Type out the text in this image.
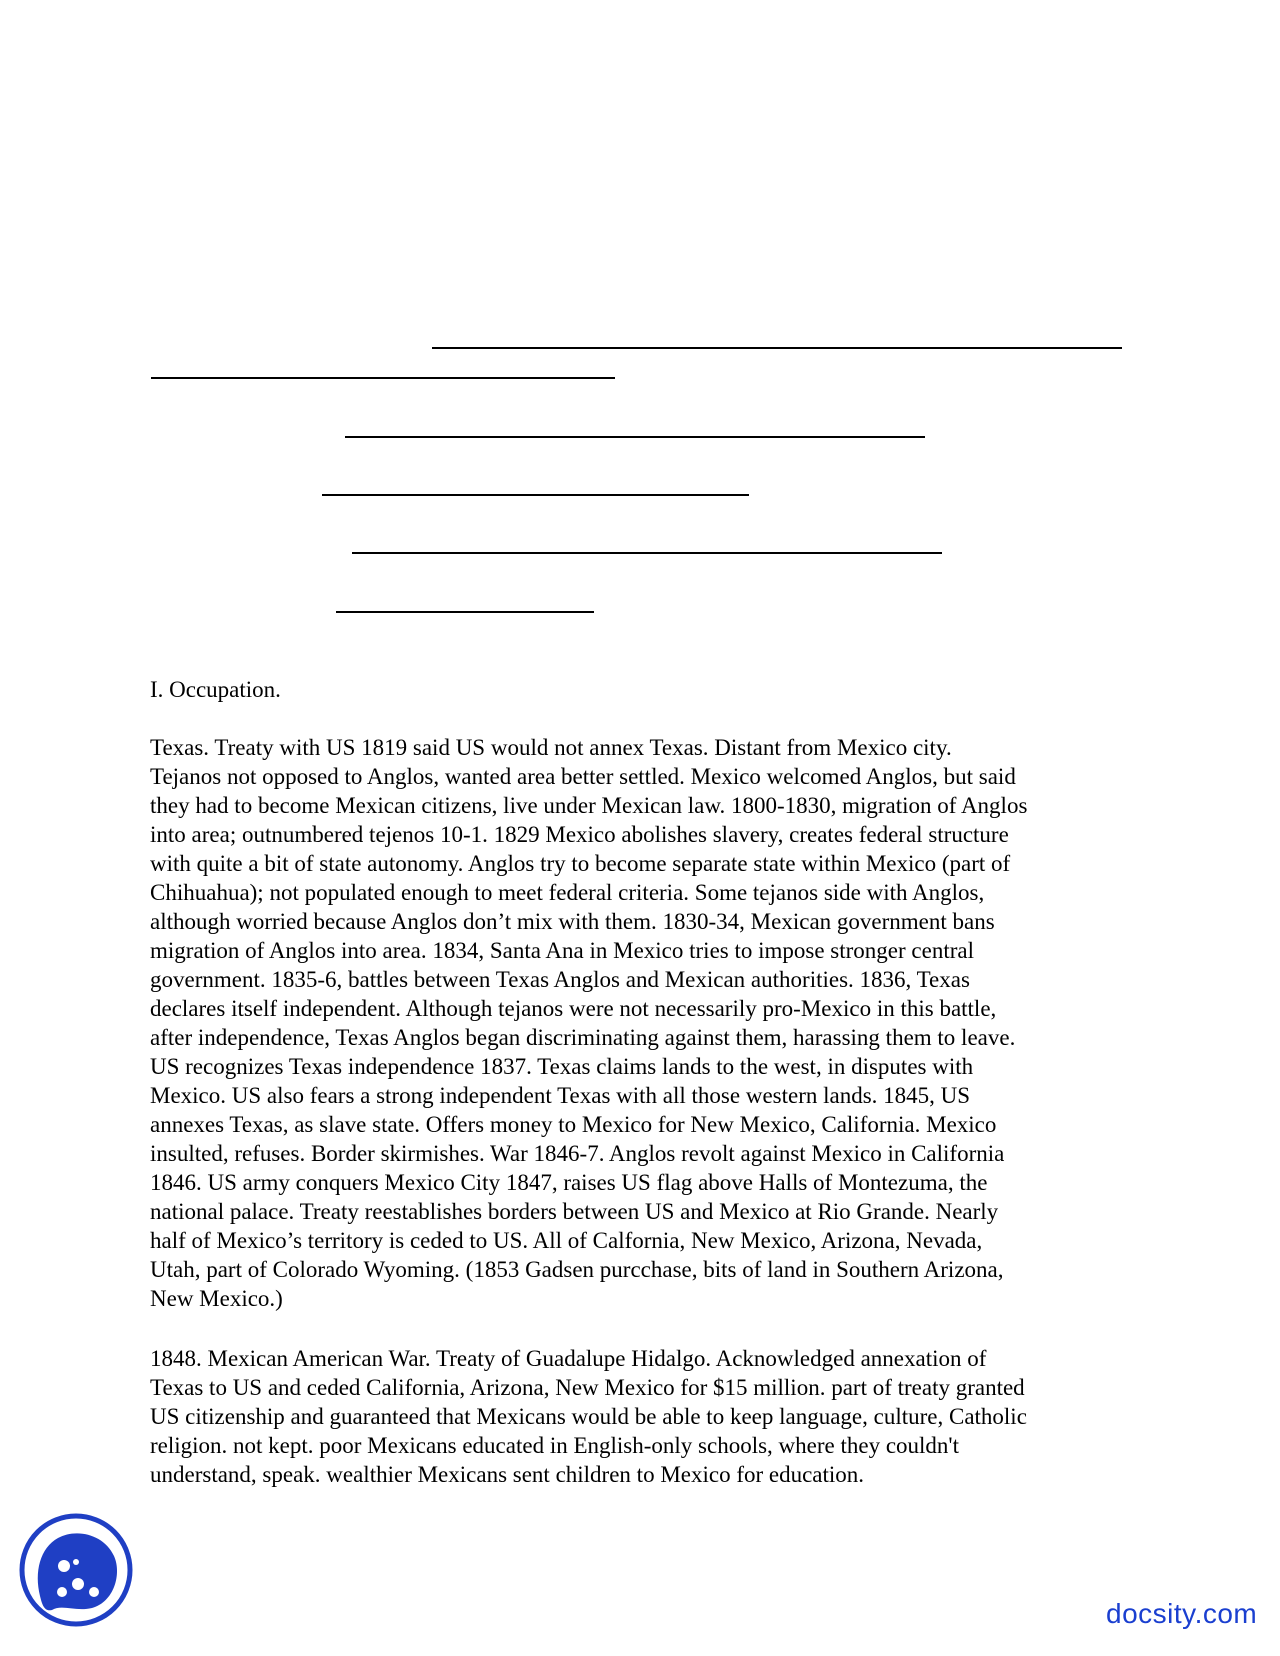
I. Occupation.
Texas. Treaty with US 1819 said US would not annex Texas. Distant from Mexico city.
Tejanos not opposed to Anglos, wanted area better settled. Mexico welcomed Anglos, but said
they had to become Mexican citizens, live under Mexican law. 1800-1830, migration of Anglos
into area; outnumbered tejenos 10-1. 1829 Mexico abolishes slavery, creates federal structure
with quite a bit of state autonomy. Anglos try to become separate state within Mexico (part of
Chihuahua); not populated enough to meet federal criteria. Some tejanos side with Anglos,
although worried because Anglos don’t mix with them. 1830-34, Mexican government bans
migration of Anglos into area. 1834, Santa Ana in Mexico tries to impose stronger central
government. 1835-6, battles between Texas Anglos and Mexican authorities. 1836, Texas
declares itself independent. Although tejanos were not necessarily pro-Mexico in this battle,
after independence, Texas Anglos began discriminating against them, harassing them to leave.
US recognizes Texas independence 1837. Texas claims lands to the west, in disputes with
Mexico. US also fears a strong independent Texas with all those western lands. 1845, US
annexes Texas, as slave state. Offers money to Mexico for New Mexico, California. Mexico
insulted, refuses. Border skirmishes. War 1846-7. Anglos revolt against Mexico in California
1846. US army conquers Mexico City 1847, raises US flag above Halls of Montezuma, the
national palace. Treaty reestablishes borders between US and Mexico at Rio Grande. Nearly
half of Mexico’s territory is ceded to US. All of Calfornia, New Mexico, Arizona, Nevada,
Utah, part of Colorado Wyoming. (1853 Gadsen purcchase, bits of land in Southern Arizona,
New Mexico.)
1848. Mexican American War. Treaty of Guadalupe Hidalgo. Acknowledged annexation of
Texas to US and ceded California, Arizona, New Mexico for $15 million. part of treaty granted
US citizenship and guaranteed that Mexicans would be able to keep language, culture, Catholic
religion. not kept. poor Mexicans educated in English-only schools, where they couldn't
understand, speak. wealthier Mexicans sent children to Mexico for education.
docsity.com
